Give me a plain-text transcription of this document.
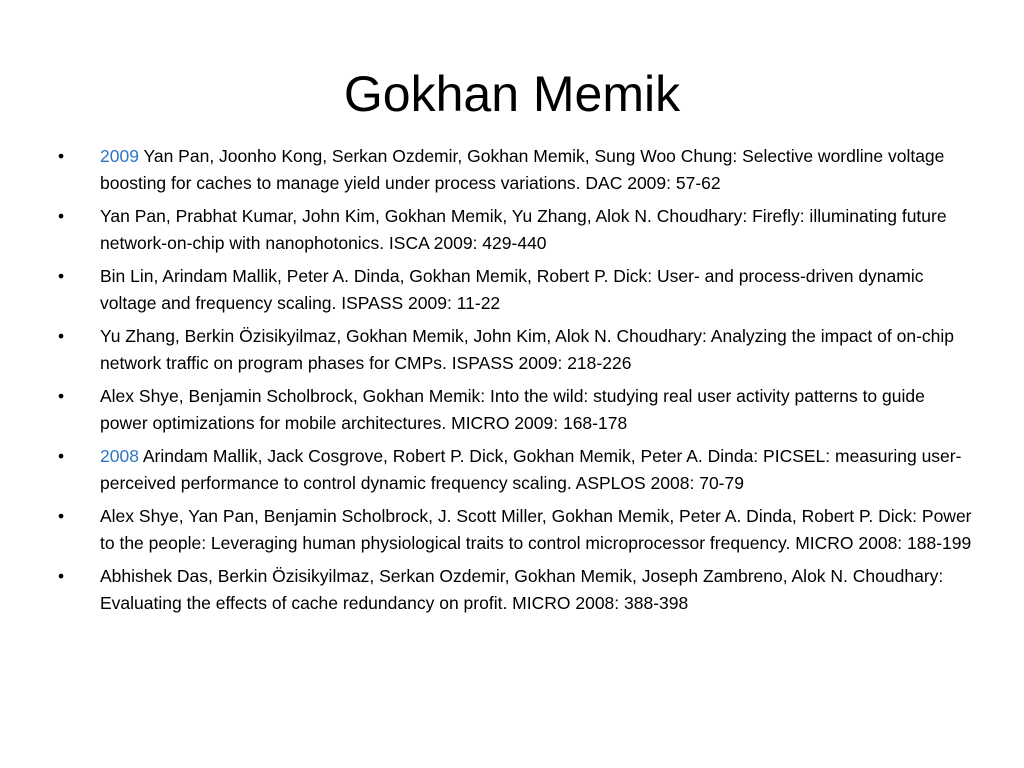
Gokhan Memik
•	2009 Yan Pan, Joonho Kong, Serkan Ozdemir, Gokhan Memik, Sung Woo Chung: Selective wordline voltage boosting for caches to manage yield under process variations. DAC 2009: 57-62
•	Yan Pan, Prabhat Kumar, John Kim, Gokhan Memik, Yu Zhang, Alok N. Choudhary: Firefly: illuminating future network-on-chip with nanophotonics. ISCA 2009: 429-440
•	Bin Lin, Arindam Mallik, Peter A. Dinda, Gokhan Memik, Robert P. Dick: User- and process-driven dynamic voltage and frequency scaling. ISPASS 2009: 11-22
•	Yu Zhang, Berkin Özisikyilmaz, Gokhan Memik, John Kim, Alok N. Choudhary: Analyzing the impact of on-chip network traffic on program phases for CMPs. ISPASS 2009: 218-226
•	Alex Shye, Benjamin Scholbrock, Gokhan Memik: Into the wild: studying real user activity patterns to guide power optimizations for mobile architectures. MICRO 2009: 168-178
•	2008 Arindam Mallik, Jack Cosgrove, Robert P. Dick, Gokhan Memik, Peter A. Dinda: PICSEL: measuring user-perceived performance to control dynamic frequency scaling. ASPLOS 2008: 70-79
•	Alex Shye, Yan Pan, Benjamin Scholbrock, J. Scott Miller, Gokhan Memik, Peter A. Dinda, Robert P. Dick: Power to the people: Leveraging human physiological traits to control microprocessor frequency. MICRO 2008: 188-199
•	Abhishek Das, Berkin Özisikyilmaz, Serkan Ozdemir, Gokhan Memik, Joseph Zambreno, Alok N. Choudhary: Evaluating the effects of cache redundancy on profit. MICRO 2008: 388-398
